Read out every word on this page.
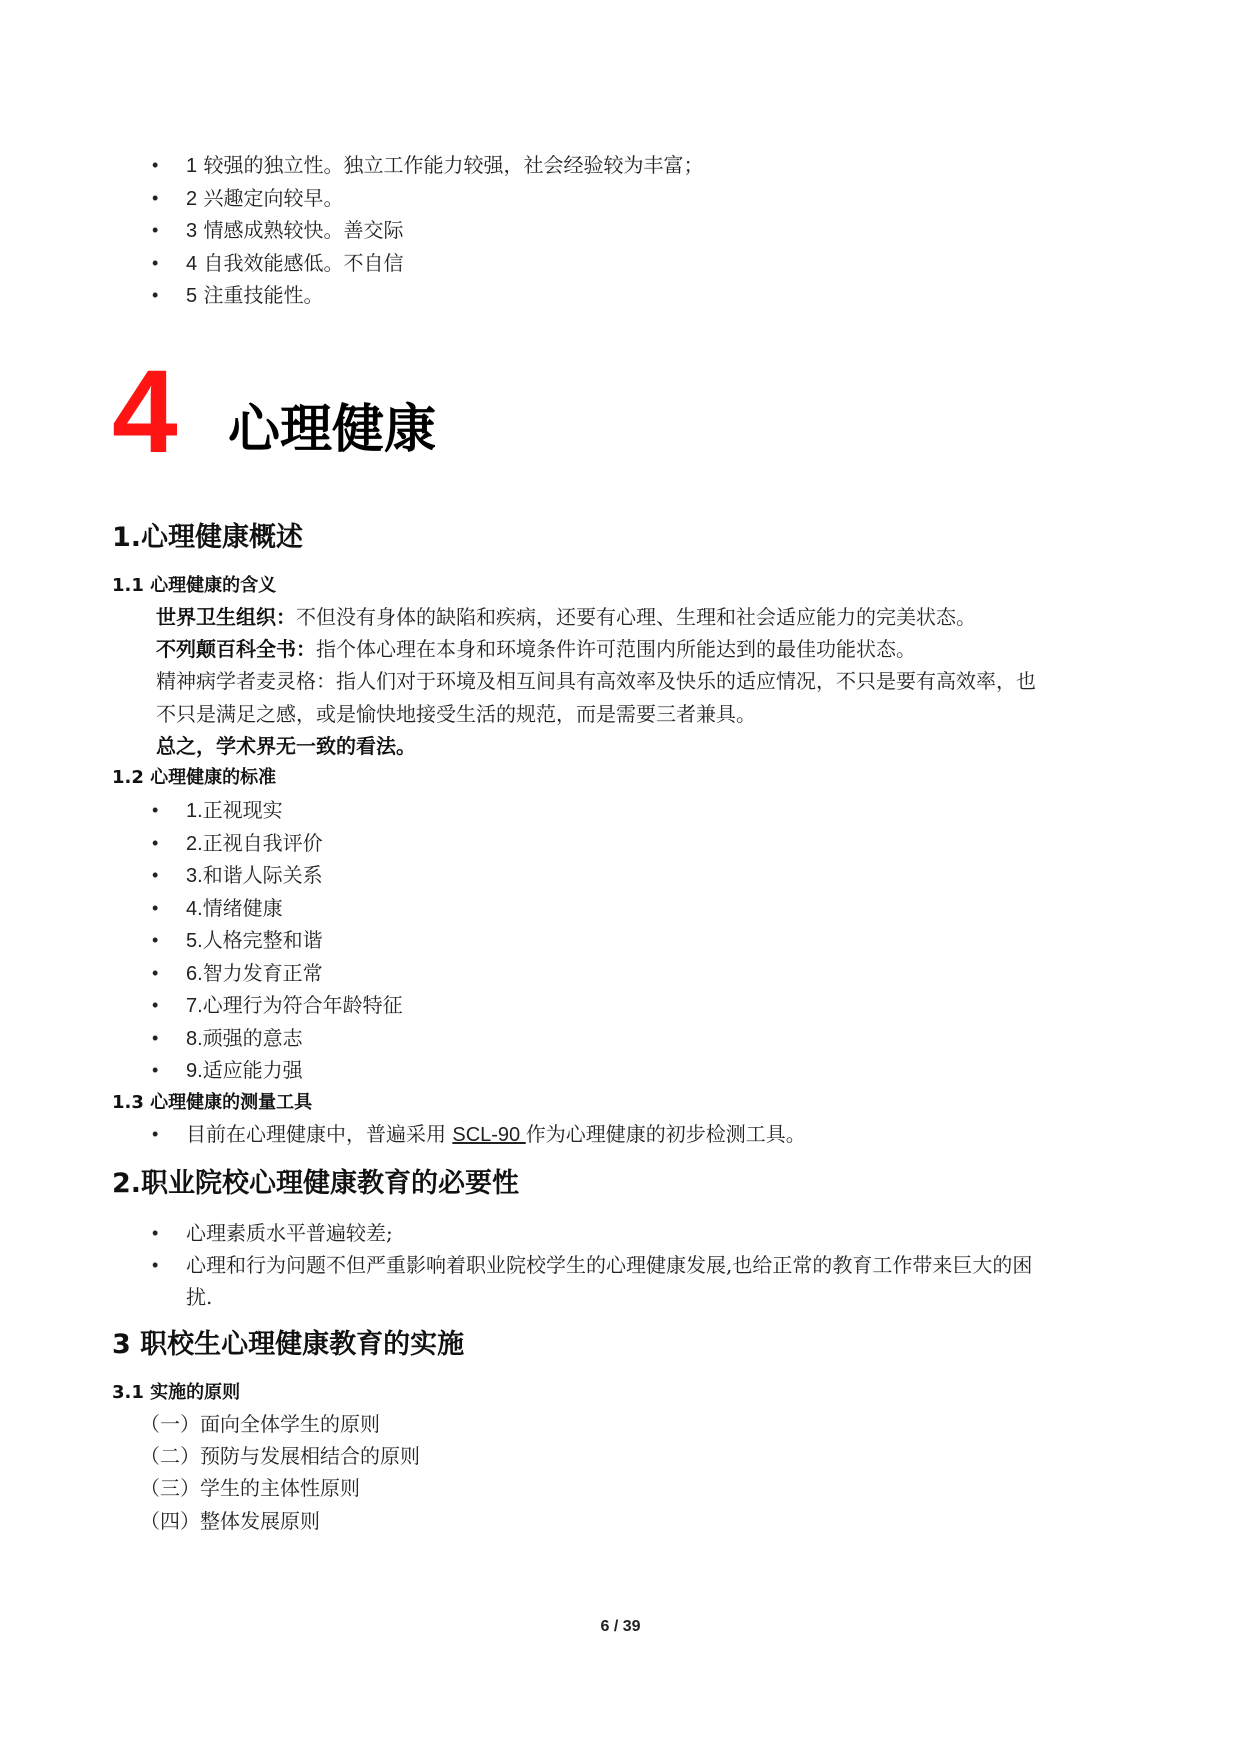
•	1 较强的独立性。独立工作能力较强，社会经验较为丰富；
•	2 兴趣定向较早。
•	3 情感成熟较快。善交际
•	4 自我效能感低。不自信
•	5 注重技能性。
4 心理健康
1.心理健康概述
1.1 心理健康的含义
世界卫生组织：不但没有身体的缺陷和疾病，还要有心理、生理和社会适应能力的完美状态。
不列颠百科全书：指个体心理在本身和环境条件许可范围内所能达到的最佳功能状态。
精神病学者麦灵格：指人们对于环境及相互间具有高效率及快乐的适应情况，不只是要有高效率，也
不只是满足之感，或是愉快地接受生活的规范，而是需要三者兼具。
总之，学术界无一致的看法。
1.2 心理健康的标准
•	1.正视现实
•	2.正视自我评价
•	3.和谐人际关系
•	4.情绪健康
•	5.人格完整和谐
•	6.智力发育正常
•	7.心理行为符合年龄特征
•	8.顽强的意志
•	9.适应能力强
1.3 心理健康的测量工具
•	目前在心理健康中，普遍采用 SCL-90 作为心理健康的初步检测工具。
2.职业院校心理健康教育的必要性
•	心理素质水平普遍较差;
•	心理和行为问题不但严重影响着职业院校学生的心理健康发展,也给正常的教育工作带来巨大的困
扰.
3 职校生心理健康教育的实施
3.1 实施的原则
（一）面向全体学生的原则
（二）预防与发展相结合的原则
（三）学生的主体性原则
（四）整体发展原则
6 / 39
